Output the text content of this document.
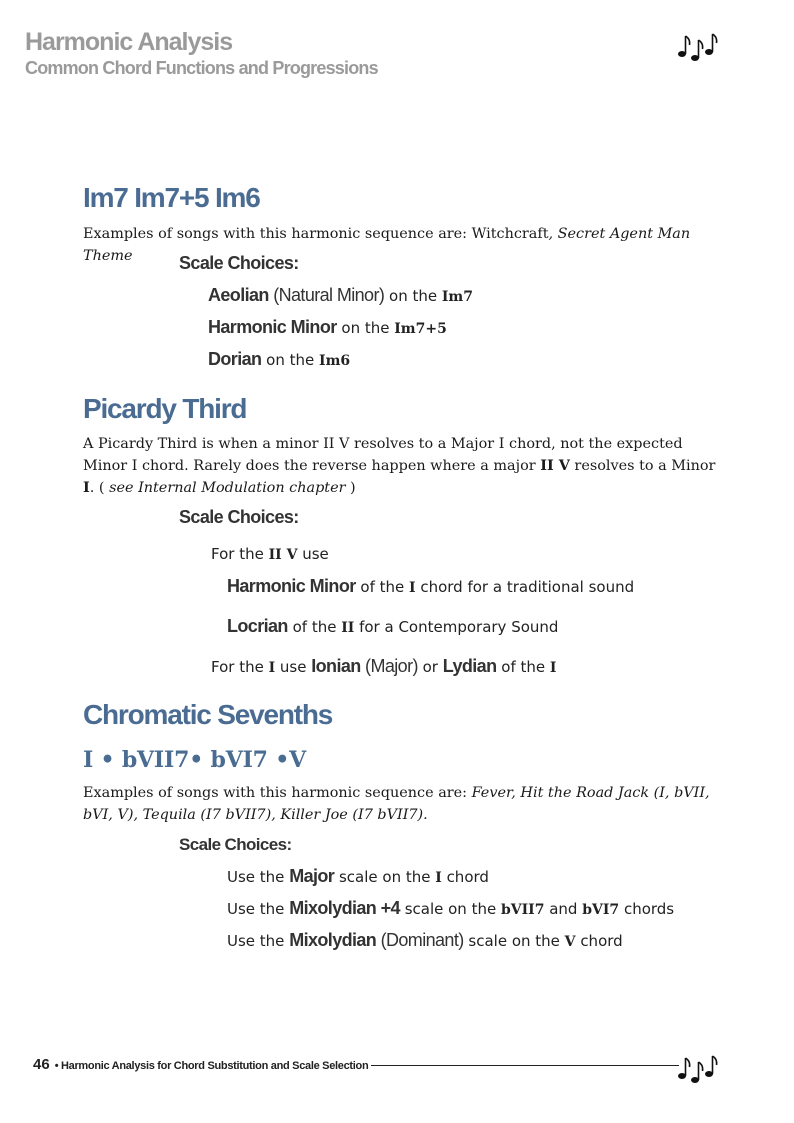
Harmonic Analysis
Common Chord Functions and Progressions
Im7 Im7+5 Im6
Examples of songs with this harmonic sequence are: Witchcraft, Secret Agent Man Theme	Scale Choices:
Aeolian (Natural Minor) on the Im7
Harmonic Minor on the Im7+5
Dorian on the Im6
Picardy Third
A Picardy Third is when a minor II V resolves to a Major I chord, not the expected Minor I chord. Rarely does the reverse happen where a major II V resolves to a Minor I. ( see Internal Modulation chapter )
Scale Choices:
For the II V use
Harmonic Minor of the I chord for a traditional sound
Locrian of the II for a Contemporary Sound
For the I use Ionian (Major) or Lydian of the I
Chromatic Sevenths
I • bVII7• bVI7 •V
Examples of songs with this harmonic sequence are: Fever, Hit the Road Jack (I, bVII, bVI, V), Tequila (I7 bVII7), Killer Joe (I7 bVII7).
Scale Choices:
Use the Major scale on the I chord
Use the Mixolydian +4 scale on the bVII7 and bVI7 chords
Use the Mixolydian (Dominant) scale on the V chord
46 • Harmonic Analysis for Chord Substitution and Scale Selection
